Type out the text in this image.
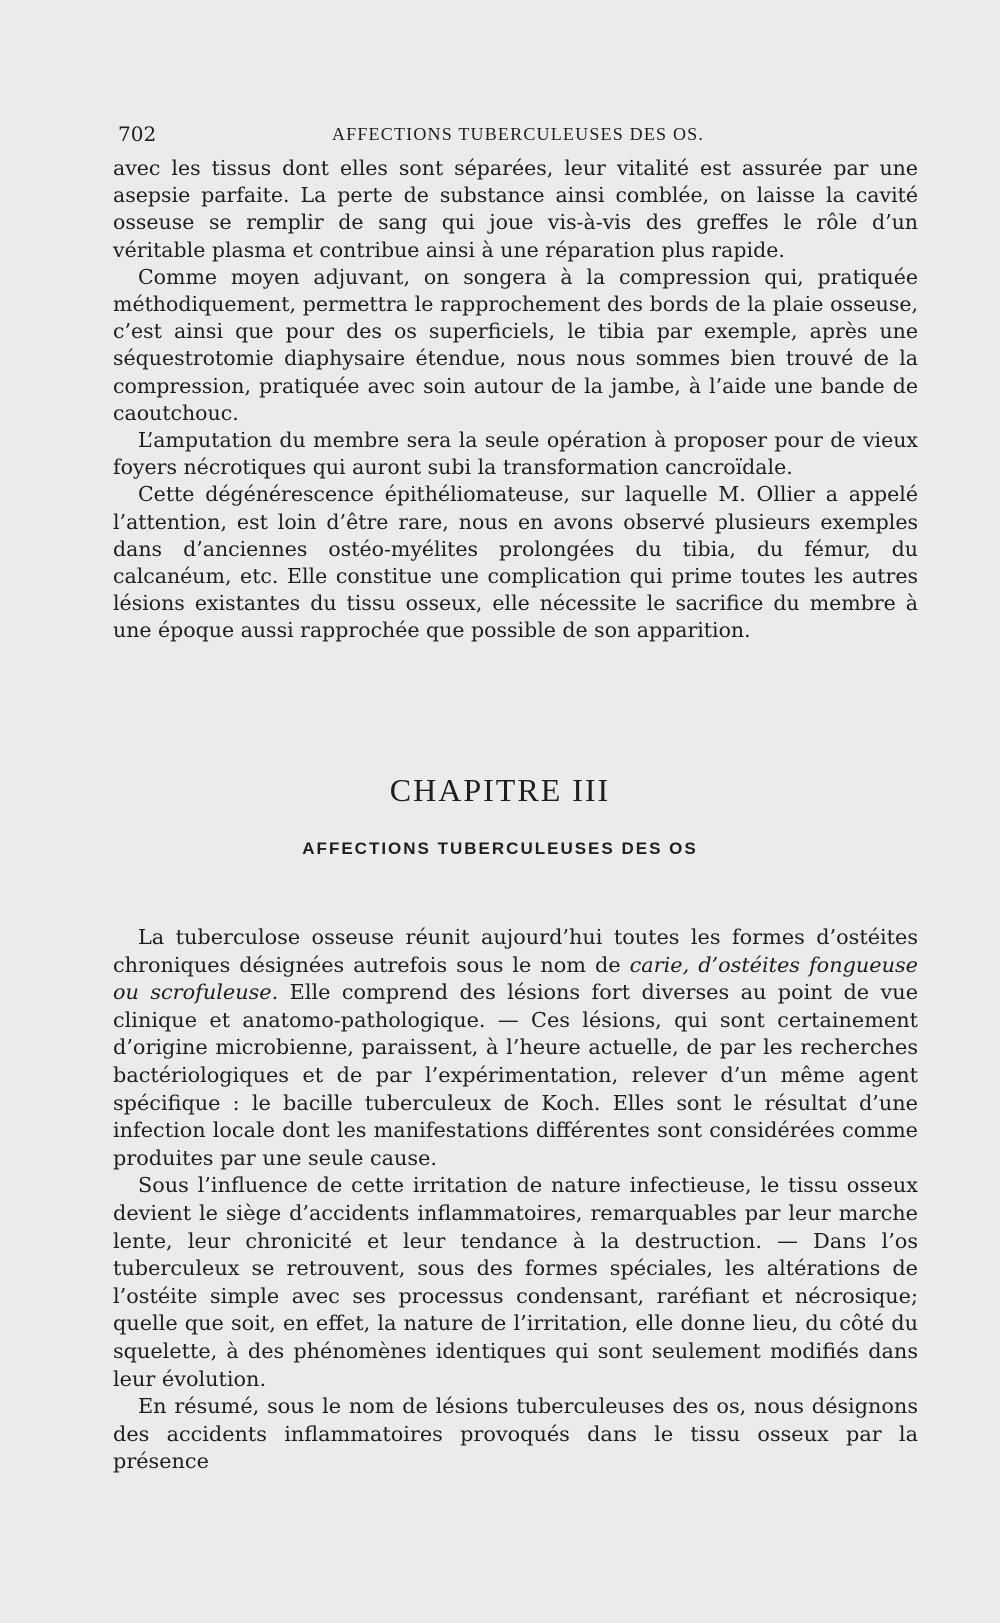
702	AFFECTIONS TUBERCULEUSES DES OS.

avec les tissus dont elles sont séparées, leur vitalité est assurée par une asepsie parfaite. La perte de substance ainsi comblée, on laisse la cavité osseuse se remplir de sang qui joue vis-à-vis des greffes le rôle d’un véritable plasma et contribue ainsi à une réparation plus rapide.

Comme moyen adjuvant, on songera à la compression qui, pratiquée méthodiquement, permettra le rapprochement des bords de la plaie osseuse, c’est ainsi que pour des os superficiels, le tibia par exemple, après une séquestrotomie diaphysaire étendue, nous nous sommes bien trouvé de la compression, pratiquée avec soin autour de la jambe, à l’aide une bande de caoutchouc.

L’amputation du membre sera la seule opération à proposer pour de vieux foyers nécrotiques qui auront subi la transformation cancroïdale.

Cette dégénérescence épithéliomateuse, sur laquelle M. Ollier a appelé l’attention, est loin d’être rare, nous en avons observé plusieurs exemples dans d’anciennes ostéo-myélites prolongées du tibia, du fémur, du calcanéum, etc. Elle constitue une complication qui prime toutes les autres lésions existantes du tissu osseux, elle nécessite le sacrifice du membre à une époque aussi rapprochée que possible de son apparition.

CHAPITRE III
AFFECTIONS TUBERCULEUSES DES OS

La tuberculose osseuse réunit aujourd’hui toutes les formes d’ostéites chroniques désignées autrefois sous le nom de carie, d’ostéites fongueuse ou scrofuleuse. Elle comprend des lésions fort diverses au point de vue clinique et anatomo-pathologique. — Ces lésions, qui sont certainement d’origine microbienne, paraissent, à l’heure actuelle, de par les recherches bactériologiques et de par l’expérimentation, relever d’un même agent spécifique : le bacille tuberculeux de Koch. Elles sont le résultat d’une infection locale dont les manifestations différentes sont considérées comme produites par une seule cause.

Sous l’influence de cette irritation de nature infectieuse, le tissu osseux devient le siège d’accidents inflammatoires, remarquables par leur marche lente, leur chronicité et leur tendance à la destruction. — Dans l’os tuberculeux se retrouvent, sous des formes spéciales, les altérations de l’ostéite simple avec ses processus condensant, raréfiant et nécrosique; quelle que soit, en effet, la nature de l’irritation, elle donne lieu, du côté du squelette, à des phénomènes identiques qui sont seulement modifiés dans leur évolution.

En résumé, sous le nom de lésions tuberculeuses des os, nous désignons des accidents inflammatoires provoqués dans le tissu osseux par la présence
